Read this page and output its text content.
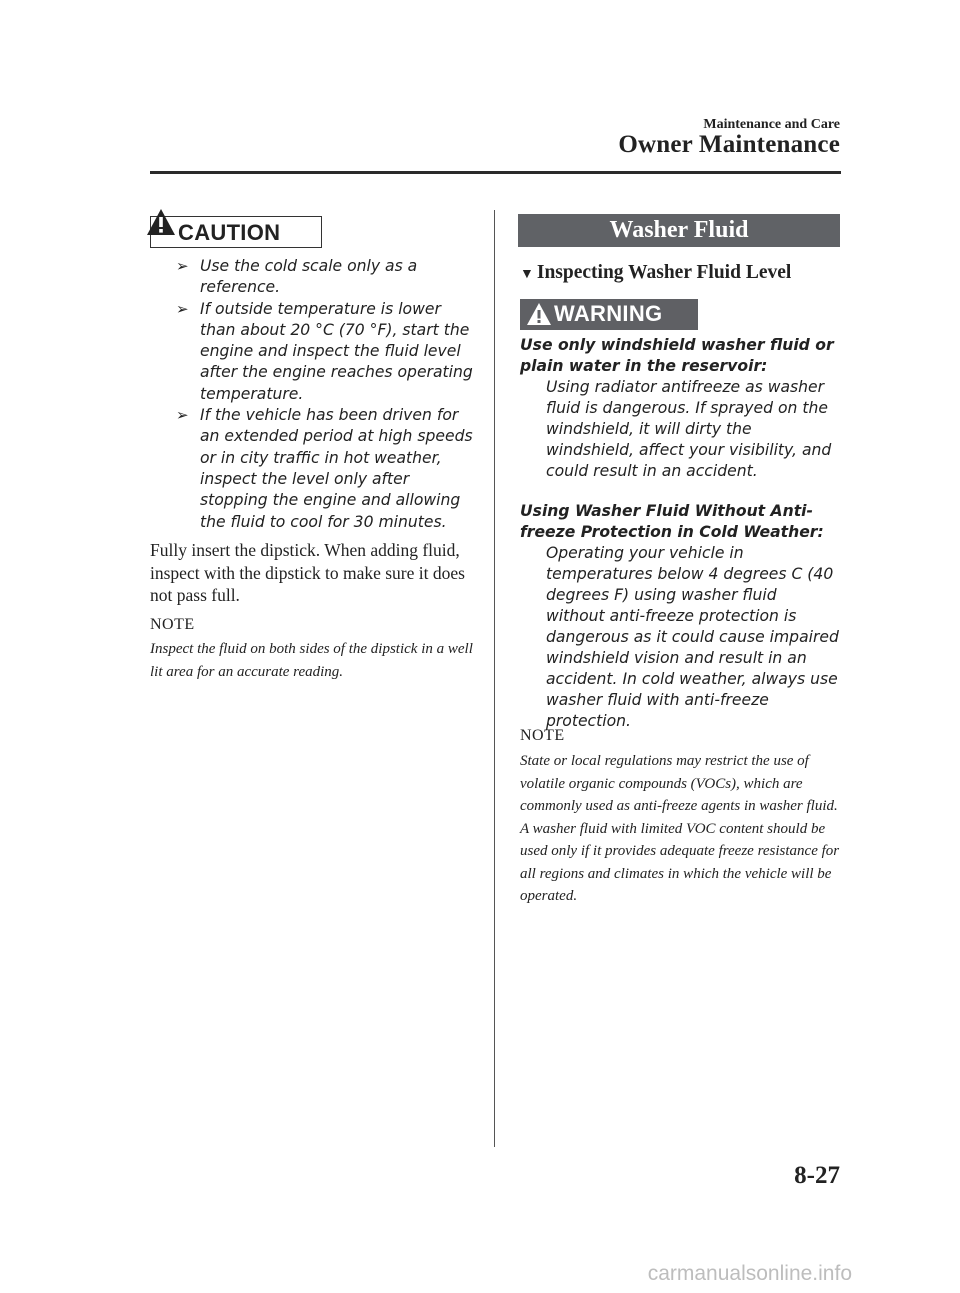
Maintenance and Care
Owner Maintenance
CAUTION
➢ Use the cold scale only as a reference.
➢ If outside temperature is lower than about 20 °C (70 °F), start the engine and inspect the fluid level after the engine reaches operating temperature.
➢ If the vehicle has been driven for an extended period at high speeds or in city traffic in hot weather, inspect the level only after stopping the engine and allowing the fluid to cool for 30 minutes.
Fully insert the dipstick. When adding fluid, inspect with the dipstick to make sure it does not pass full.
NOTE
Inspect the fluid on both sides of the dipstick in a well lit area for an accurate reading.
Washer Fluid
▼ Inspecting Washer Fluid Level
WARNING
Use only windshield washer fluid or plain water in the reservoir:
Using radiator antifreeze as washer fluid is dangerous. If sprayed on the windshield, it will dirty the windshield, affect your visibility, and could result in an accident.
Using Washer Fluid Without Anti-freeze Protection in Cold Weather:
Operating your vehicle in temperatures below 4 degrees C (40 degrees F) using washer fluid without anti-freeze protection is dangerous as it could cause impaired windshield vision and result in an accident. In cold weather, always use washer fluid with anti-freeze protection.
NOTE
State or local regulations may restrict the use of volatile organic compounds (VOCs), which are commonly used as anti-freeze agents in washer fluid. A washer fluid with limited VOC content should be used only if it provides adequate freeze resistance for all regions and climates in which the vehicle will be operated.
8-27
carmanualsonline.info
